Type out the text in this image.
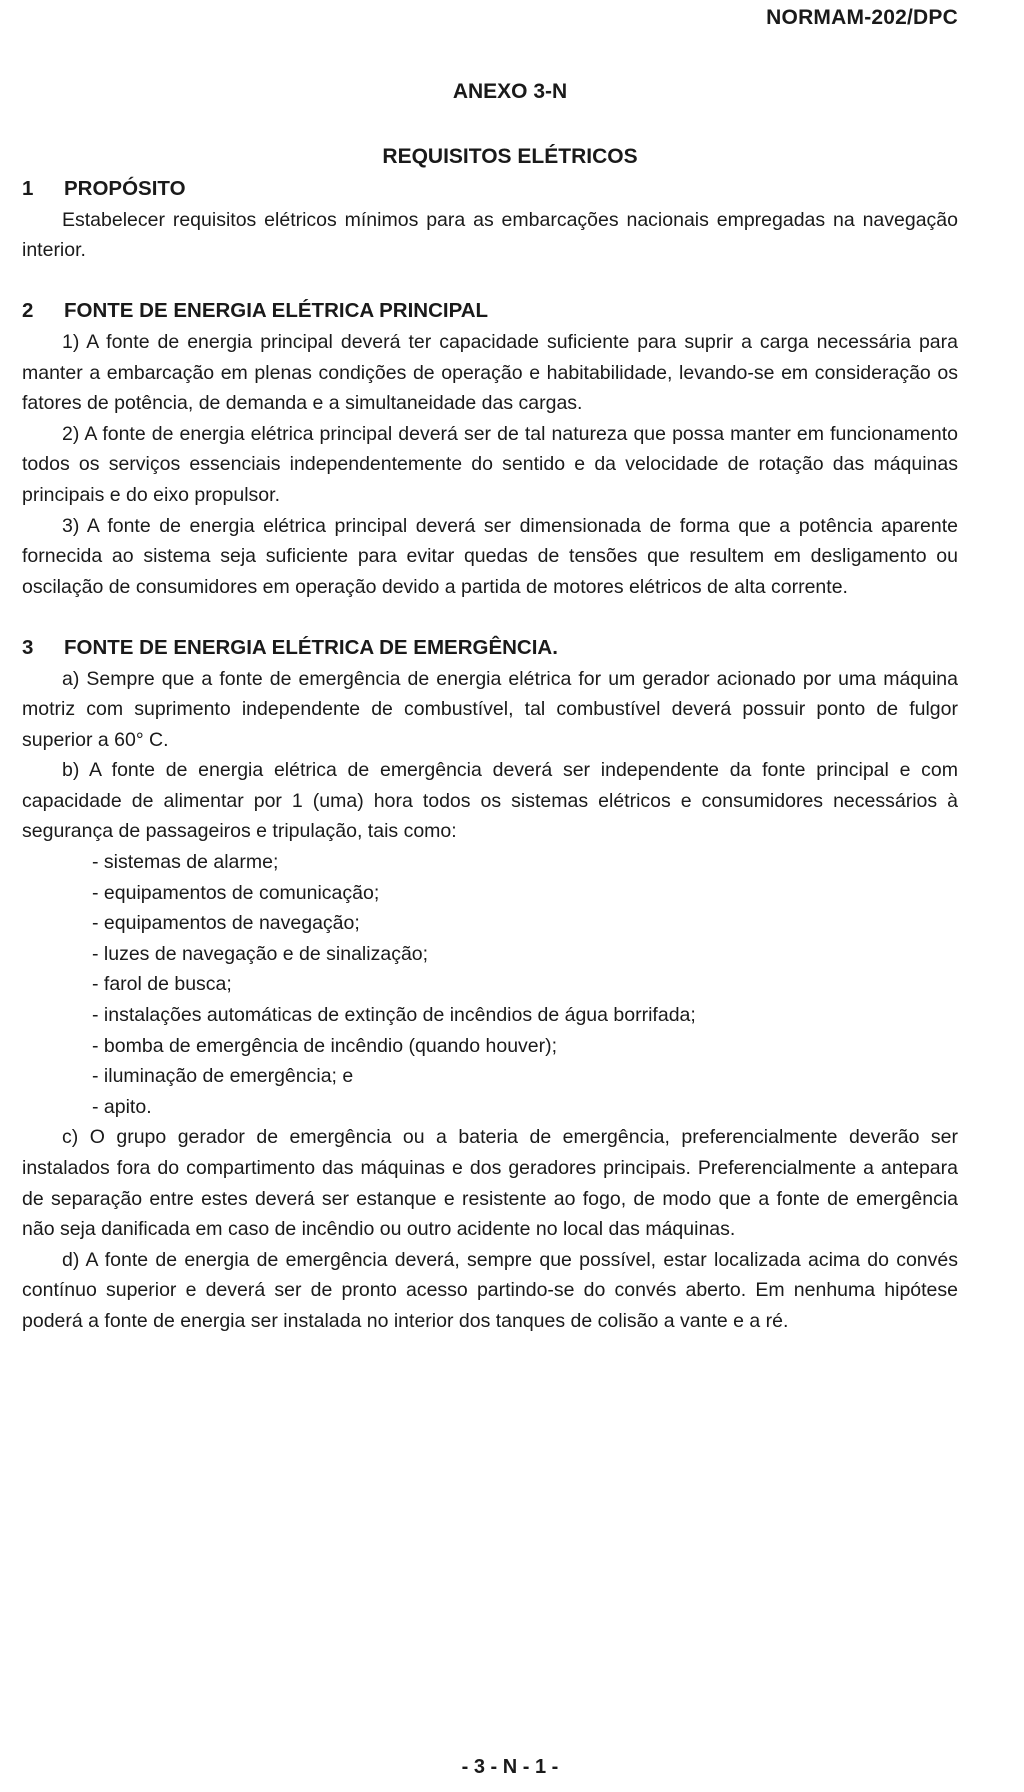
NORMAM-202/DPC
ANEXO 3-N
REQUISITOS ELÉTRICOS
1 PROPÓSITO

Estabelecer requisitos elétricos mínimos para as embarcações nacionais empregadas na navegação interior.

2 FONTE DE ENERGIA ELÉTRICA PRINCIPAL

1) A fonte de energia principal deverá ter capacidade suficiente para suprir a carga necessária para manter a embarcação em plenas condições de operação e habitabilidade, levando-se em consideração os fatores de potência, de demanda e a simultaneidade das cargas.

2) A fonte de energia elétrica principal deverá ser de tal natureza que possa manter em funcionamento todos os serviços essenciais independentemente do sentido e da velocidade de rotação das máquinas principais e do eixo propulsor.

3) A fonte de energia elétrica principal deverá ser dimensionada de forma que a potência aparente fornecida ao sistema seja suficiente para evitar quedas de tensões que resultem em desligamento ou oscilação de consumidores em operação devido a partida de motores elétricos de alta corrente.

3 FONTE DE ENERGIA ELÉTRICA DE EMERGÊNCIA.

a) Sempre que a fonte de emergência de energia elétrica for um gerador acionado por uma máquina motriz com suprimento independente de combustível, tal combustível deverá possuir ponto de fulgor superior a 60° C.

b) A fonte de energia elétrica de emergência deverá ser independente da fonte principal e com capacidade de alimentar por 1 (uma) hora todos os sistemas elétricos e consumidores necessários à segurança de passageiros e tripulação, tais como:

- sistemas de alarme;
- equipamentos de comunicação;
- equipamentos de navegação;
- luzes de navegação e de sinalização;
- farol de busca;
- instalações automáticas de extinção de incêndios de água borrifada;
- bomba de emergência de incêndio (quando houver);
- iluminação de emergência; e
- apito.

c) O grupo gerador de emergência ou a bateria de emergência, preferencialmente deverão ser instalados fora do compartimento das máquinas e dos geradores principais. Preferencialmente a antepara de separação entre estes deverá ser estanque e resistente ao fogo, de modo que a fonte de emergência não seja danificada em caso de incêndio ou outro acidente no local das máquinas.

d) A fonte de energia de emergência deverá, sempre que possível, estar localizada acima do convés contínuo superior e deverá ser de pronto acesso partindo-se do convés aberto. Em nenhuma hipótese poderá a fonte de energia ser instalada no interior dos tanques de colisão a vante e a ré.

- 3 - N - 1 -
